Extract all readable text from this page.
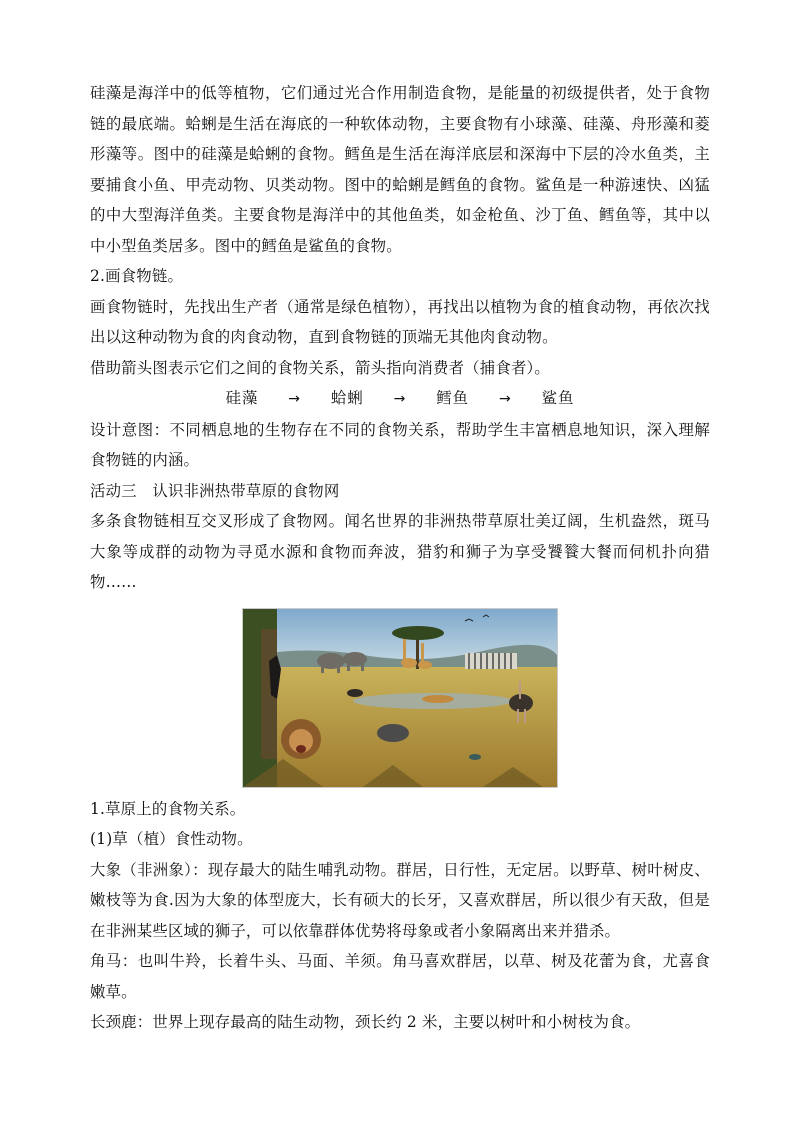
硅藻是海洋中的低等植物，它们通过光合作用制造食物，是能量的初级提供者，处于食物链的最底端。蛤蜊是生活在海底的一种软体动物，主要食物有小球藻、硅藻、舟形藻和菱形藻等。图中的硅藻是蛤蜊的食物。鳕鱼是生活在海洋底层和深海中下层的冷水鱼类，主要捕食小鱼、甲壳动物、贝类动物。图中的蛤蜊是鳕鱼的食物。鲨鱼是一种游速快、凶猛的中大型海洋鱼类。主要食物是海洋中的其他鱼类，如金枪鱼、沙丁鱼、鳕鱼等，其中以中小型鱼类居多。图中的鳕鱼是鲨鱼的食物。

2.画食物链。

画食物链时，先找出生产者（通常是绿色植物），再找出以植物为食的植食动物，再依次找出以这种动物为食的肉食动物，直到食物链的顶端无其他肉食动物。

借助箭头图表示它们之间的食物关系，箭头指向消费者（捕食者）。

硅藻 → 蛤蜊 → 鳕鱼 → 鲨鱼

设计意图：不同栖息地的生物存在不同的食物关系，帮助学生丰富栖息地知识，深入理解食物链的内涵。

活动三　认识非洲热带草原的食物网

多条食物链相互交叉形成了食物网。闻名世界的非洲热带草原壮美辽阔，生机盎然，斑马大象等成群的动物为寻觅水源和食物而奔波，猎豹和狮子为享受饕餮大餐而伺机扑向猎物……

1.草原上的食物关系。

(1)草（植）食性动物。

大象（非洲象）：现存最大的陆生哺乳动物。群居，日行性，无定居。以野草、树叶树皮、嫩枝等为食.因为大象的体型庞大，长有硕大的长牙，又喜欢群居，所以很少有天敌，但是在非洲某些区域的狮子，可以依靠群体优势将母象或者小象隔离出来并猎杀。

角马：也叫牛羚，长着牛头、马面、羊须。角马喜欢群居，以草、树及花蕾为食，尤喜食嫩草。

长颈鹿：世界上现存最高的陆生动物，颈长约 2 米，主要以树叶和小树枝为食。
